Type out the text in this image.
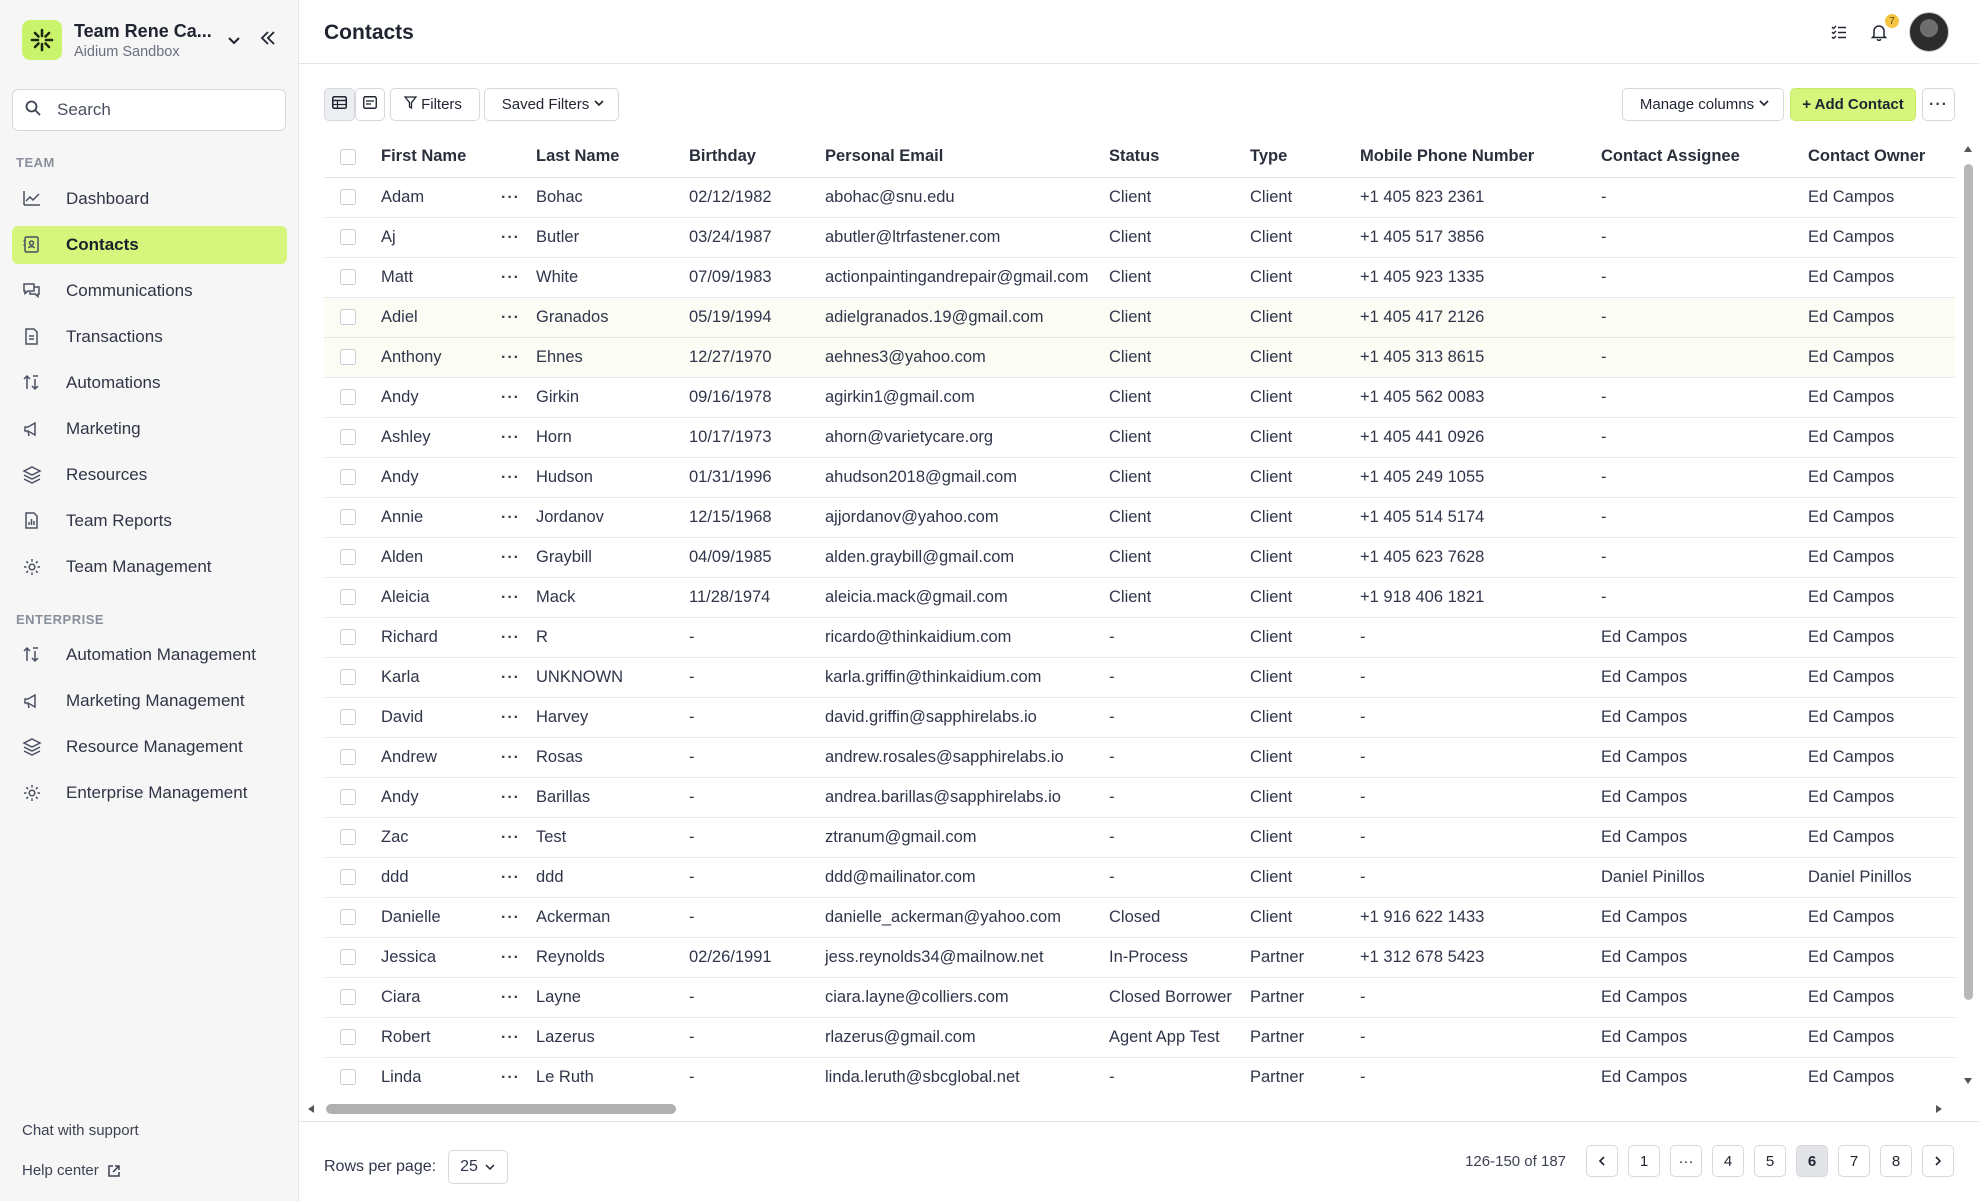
Team Rene Ca...
Aidium Sandbox
Search
TEAM
Dashboard
Contacts
Communications
Transactions
Automations
Marketing
Resources
Team Reports
Team Management
ENTERPRISE
Automation Management
Marketing Management
Resource Management
Enterprise Management
Chat with support
Help center
Contacts	7
Filters	Saved Filters	···
+ Add Contact
Manage columns
	First Name		Last Name	Birthday	Personal Email	Status	Type	Mobile Phone Number	Contact Assignee	Contact Owner
	Adam	···	Bohac	02/12/1982	abohac@snu.edu	Client	Client	+1 405 823 2361	-	Ed Campos
	Aj	···	Butler	03/24/1987	abutler@ltrfastener.com	Client	Client	+1 405 517 3856	-	Ed Campos
	Matt	···	White	07/09/1983	actionpaintingandrepair@gmail.com	Client	Client	+1 405 923 1335	-	Ed Campos
	Adiel	···	Granados	05/19/1994	adielgranados.19@gmail.com	Client	Client	+1 405 417 2126	-	Ed Campos
	Anthony	···	Ehnes	12/27/1970	aehnes3@yahoo.com	Client	Client	+1 405 313 8615	-	Ed Campos
	Andy	···	Girkin	09/16/1978	agirkin1@gmail.com	Client	Client	+1 405 562 0083	-	Ed Campos
	Ashley	···	Horn	10/17/1973	ahorn@varietycare.org	Client	Client	+1 405 441 0926	-	Ed Campos
	Andy	···	Hudson	01/31/1996	ahudson2018@gmail.com	Client	Client	+1 405 249 1055	-	Ed Campos
	Annie	···	Jordanov	12/15/1968	ajjordanov@yahoo.com	Client	Client	+1 405 514 5174	-	Ed Campos
	Alden	···	Graybill	04/09/1985	alden.graybill@gmail.com	Client	Client	+1 405 623 7628	-	Ed Campos
	Aleicia	···	Mack	11/28/1974	aleicia.mack@gmail.com	Client	Client	+1 918 406 1821	-	Ed Campos
	Richard	···	R	-	ricardo@thinkaidium.com	-	Client	-	Ed Campos	Ed Campos
	Karla	···	UNKNOWN	-	karla.griffin@thinkaidium.com	-	Client	-	Ed Campos	Ed Campos
	David	···	Harvey	-	david.griffin@sapphirelabs.io	-	Client	-	Ed Campos	Ed Campos
	Andrew	···	Rosas	-	andrew.rosales@sapphirelabs.io	-	Client	-	Ed Campos	Ed Campos
	Andy	···	Barillas	-	andrea.barillas@sapphirelabs.io	-	Client	-	Ed Campos	Ed Campos
	Zac	···	Test	-	ztranum@gmail.com	-	Client	-	Ed Campos	Ed Campos
	ddd	···	ddd	-	ddd@mailinator.com	-	Client	-	Daniel Pinillos	Daniel Pinillos
	Danielle	···	Ackerman	-	danielle_ackerman@yahoo.com	Closed	Client	+1 916 622 1433	Ed Campos	Ed Campos
	Jessica	···	Reynolds	02/26/1991	jess.reynolds34@mailnow.net	In-Process	Partner	+1 312 678 5423	Ed Campos	Ed Campos
	Ciara	···	Layne	-	ciara.layne@colliers.com	Closed Borrower	Partner	-	Ed Campos	Ed Campos
	Robert	···	Lazerus	-	rlazerus@gmail.com	Agent App Test	Partner	-	Ed Campos	Ed Campos
	Linda	···	Le Ruth	-	linda.leruth@sbcglobal.net	-	Partner	-	Ed Campos	Ed Campos
Rows per page: 25	126-150 of 187	1	···	4	5	6	7	8
